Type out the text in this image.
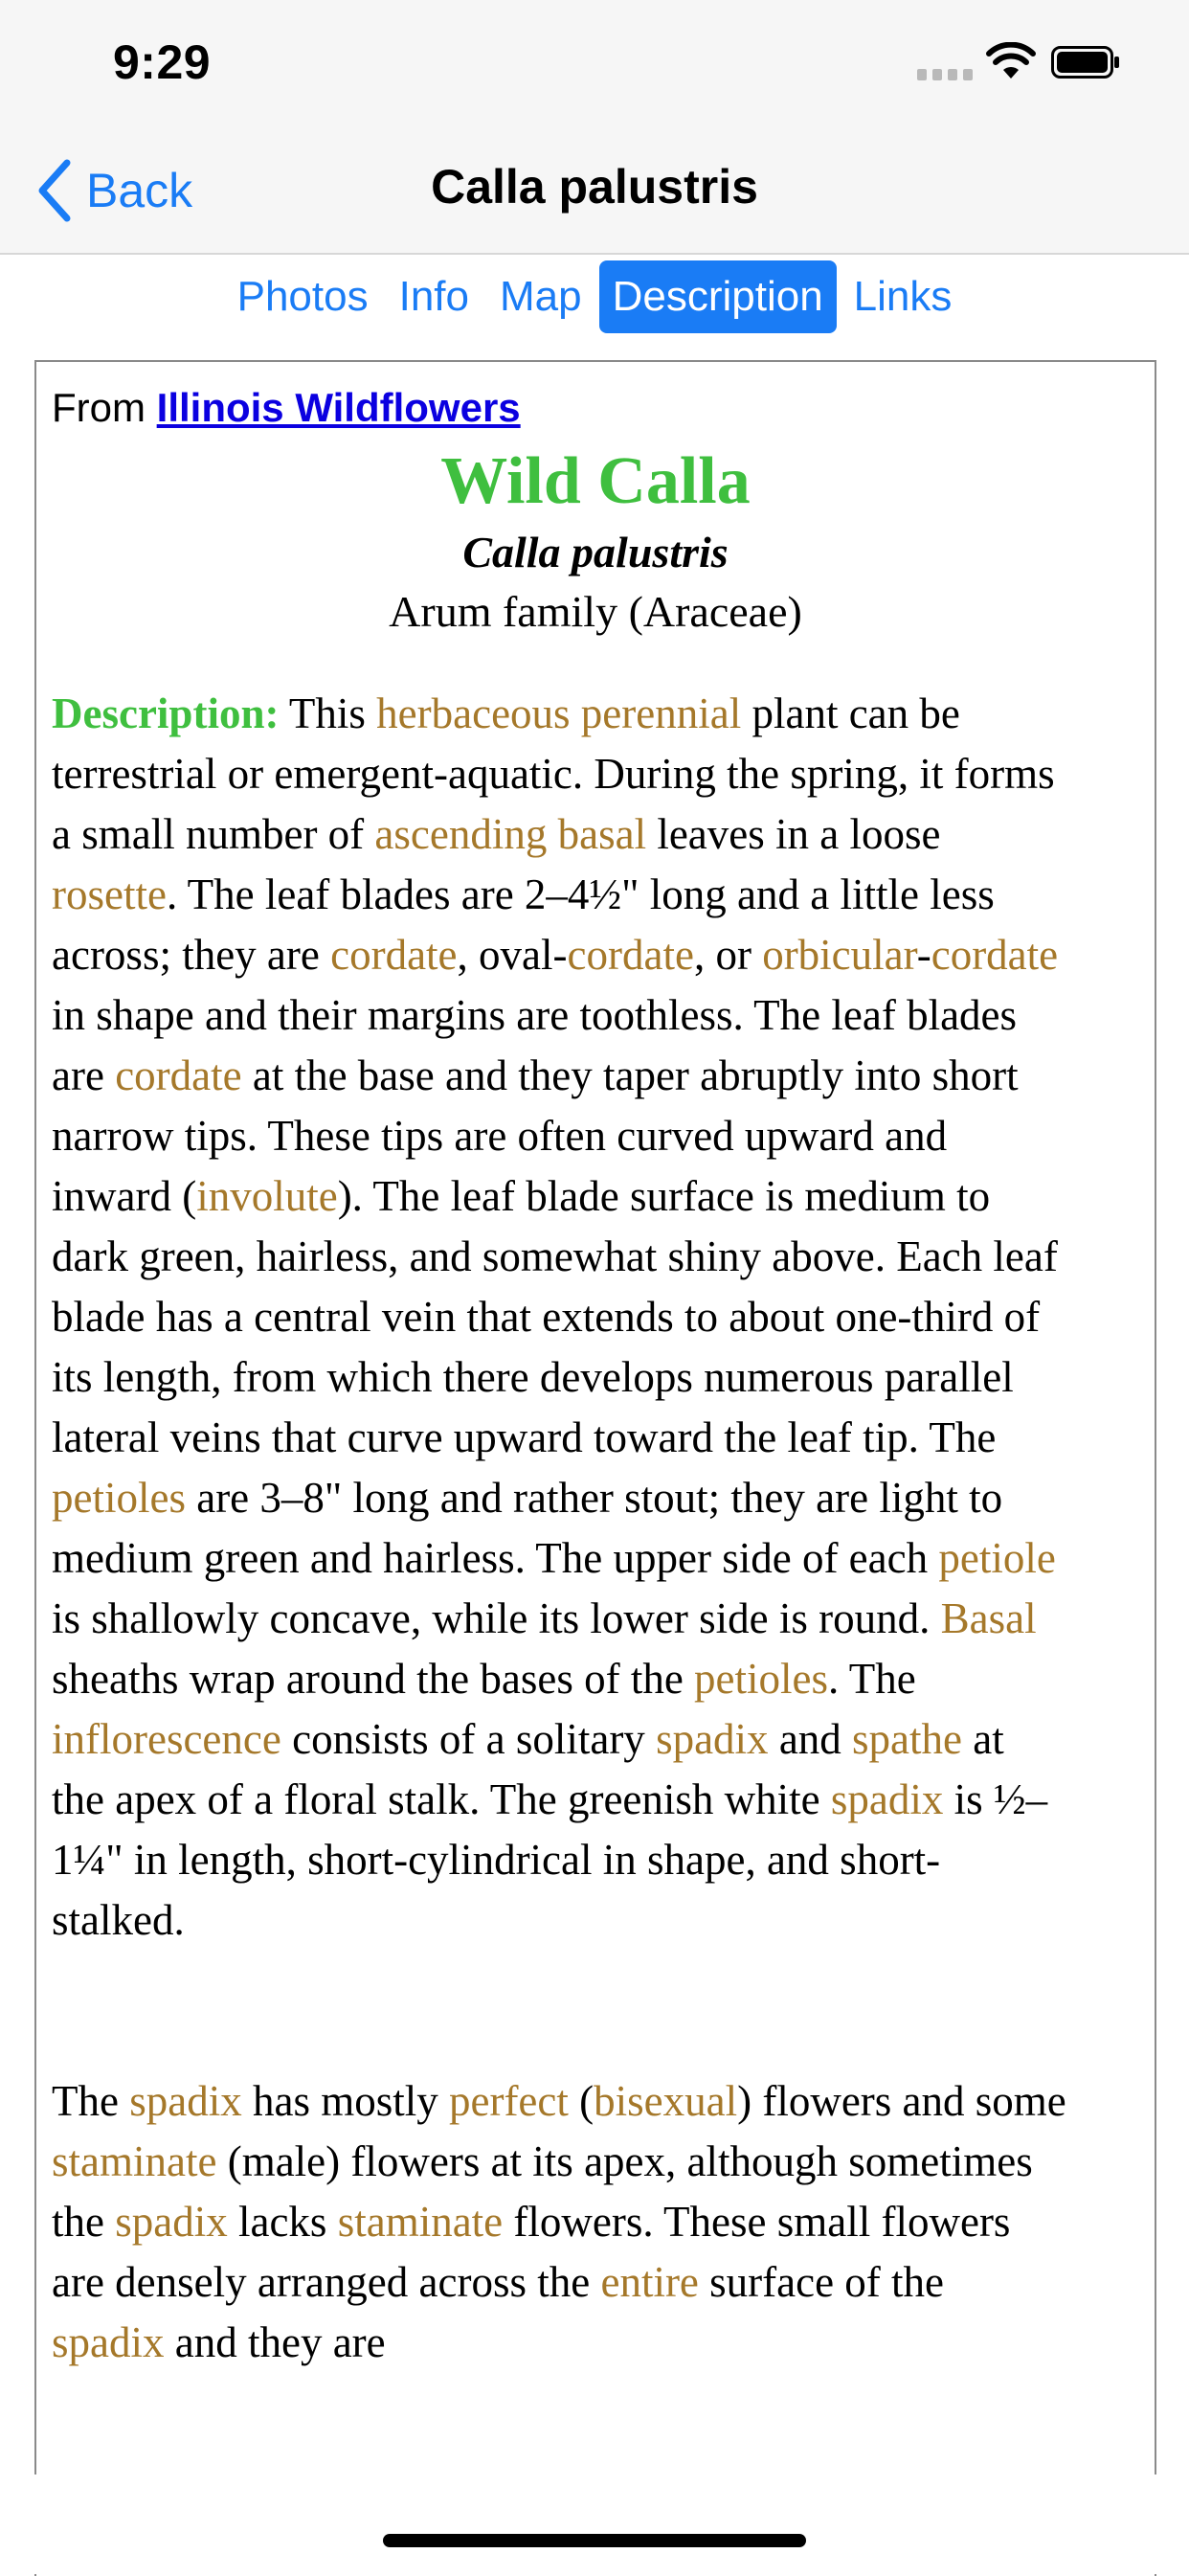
9:29
Back	Calla palustris
Photos Info Map Description Links
From Illinois Wildflowers
Wild Calla
Calla palustris
Arum family (Araceae)

Description: This herbaceous perennial plant can be terrestrial or emergent-aquatic. During the spring, it forms a small number of ascending basal leaves in a loose rosette. The leaf blades are 2–4½" long and a little less across; they are cordate, oval-cordate, or orbicular-cordate in shape and their margins are toothless. The leaf blades are cordate at the base and they taper abruptly into short narrow tips. These tips are often curved upward and inward (involute). The leaf blade surface is medium to dark green, hairless, and somewhat shiny above. Each leaf blade has a central vein that extends to about one-third of its length, from which there develops numerous parallel lateral veins that curve upward toward the leaf tip. The petioles are 3–8" long and rather stout; they are light to medium green and hairless. The upper side of each petiole is shallowly concave, while its lower side is round. Basal sheaths wrap around the bases of the petioles. The inflorescence consists of a solitary spadix and spathe at the apex of a floral stalk. The greenish white spadix is ½–1¼" in length, short-cylindrical in shape, and short-stalked.

The spadix has mostly perfect (bisexual) flowers and some staminate (male) flowers at its apex, although sometimes the spadix lacks staminate flowers. These small flowers are densely arranged across the entire surface of the spadix and they are
